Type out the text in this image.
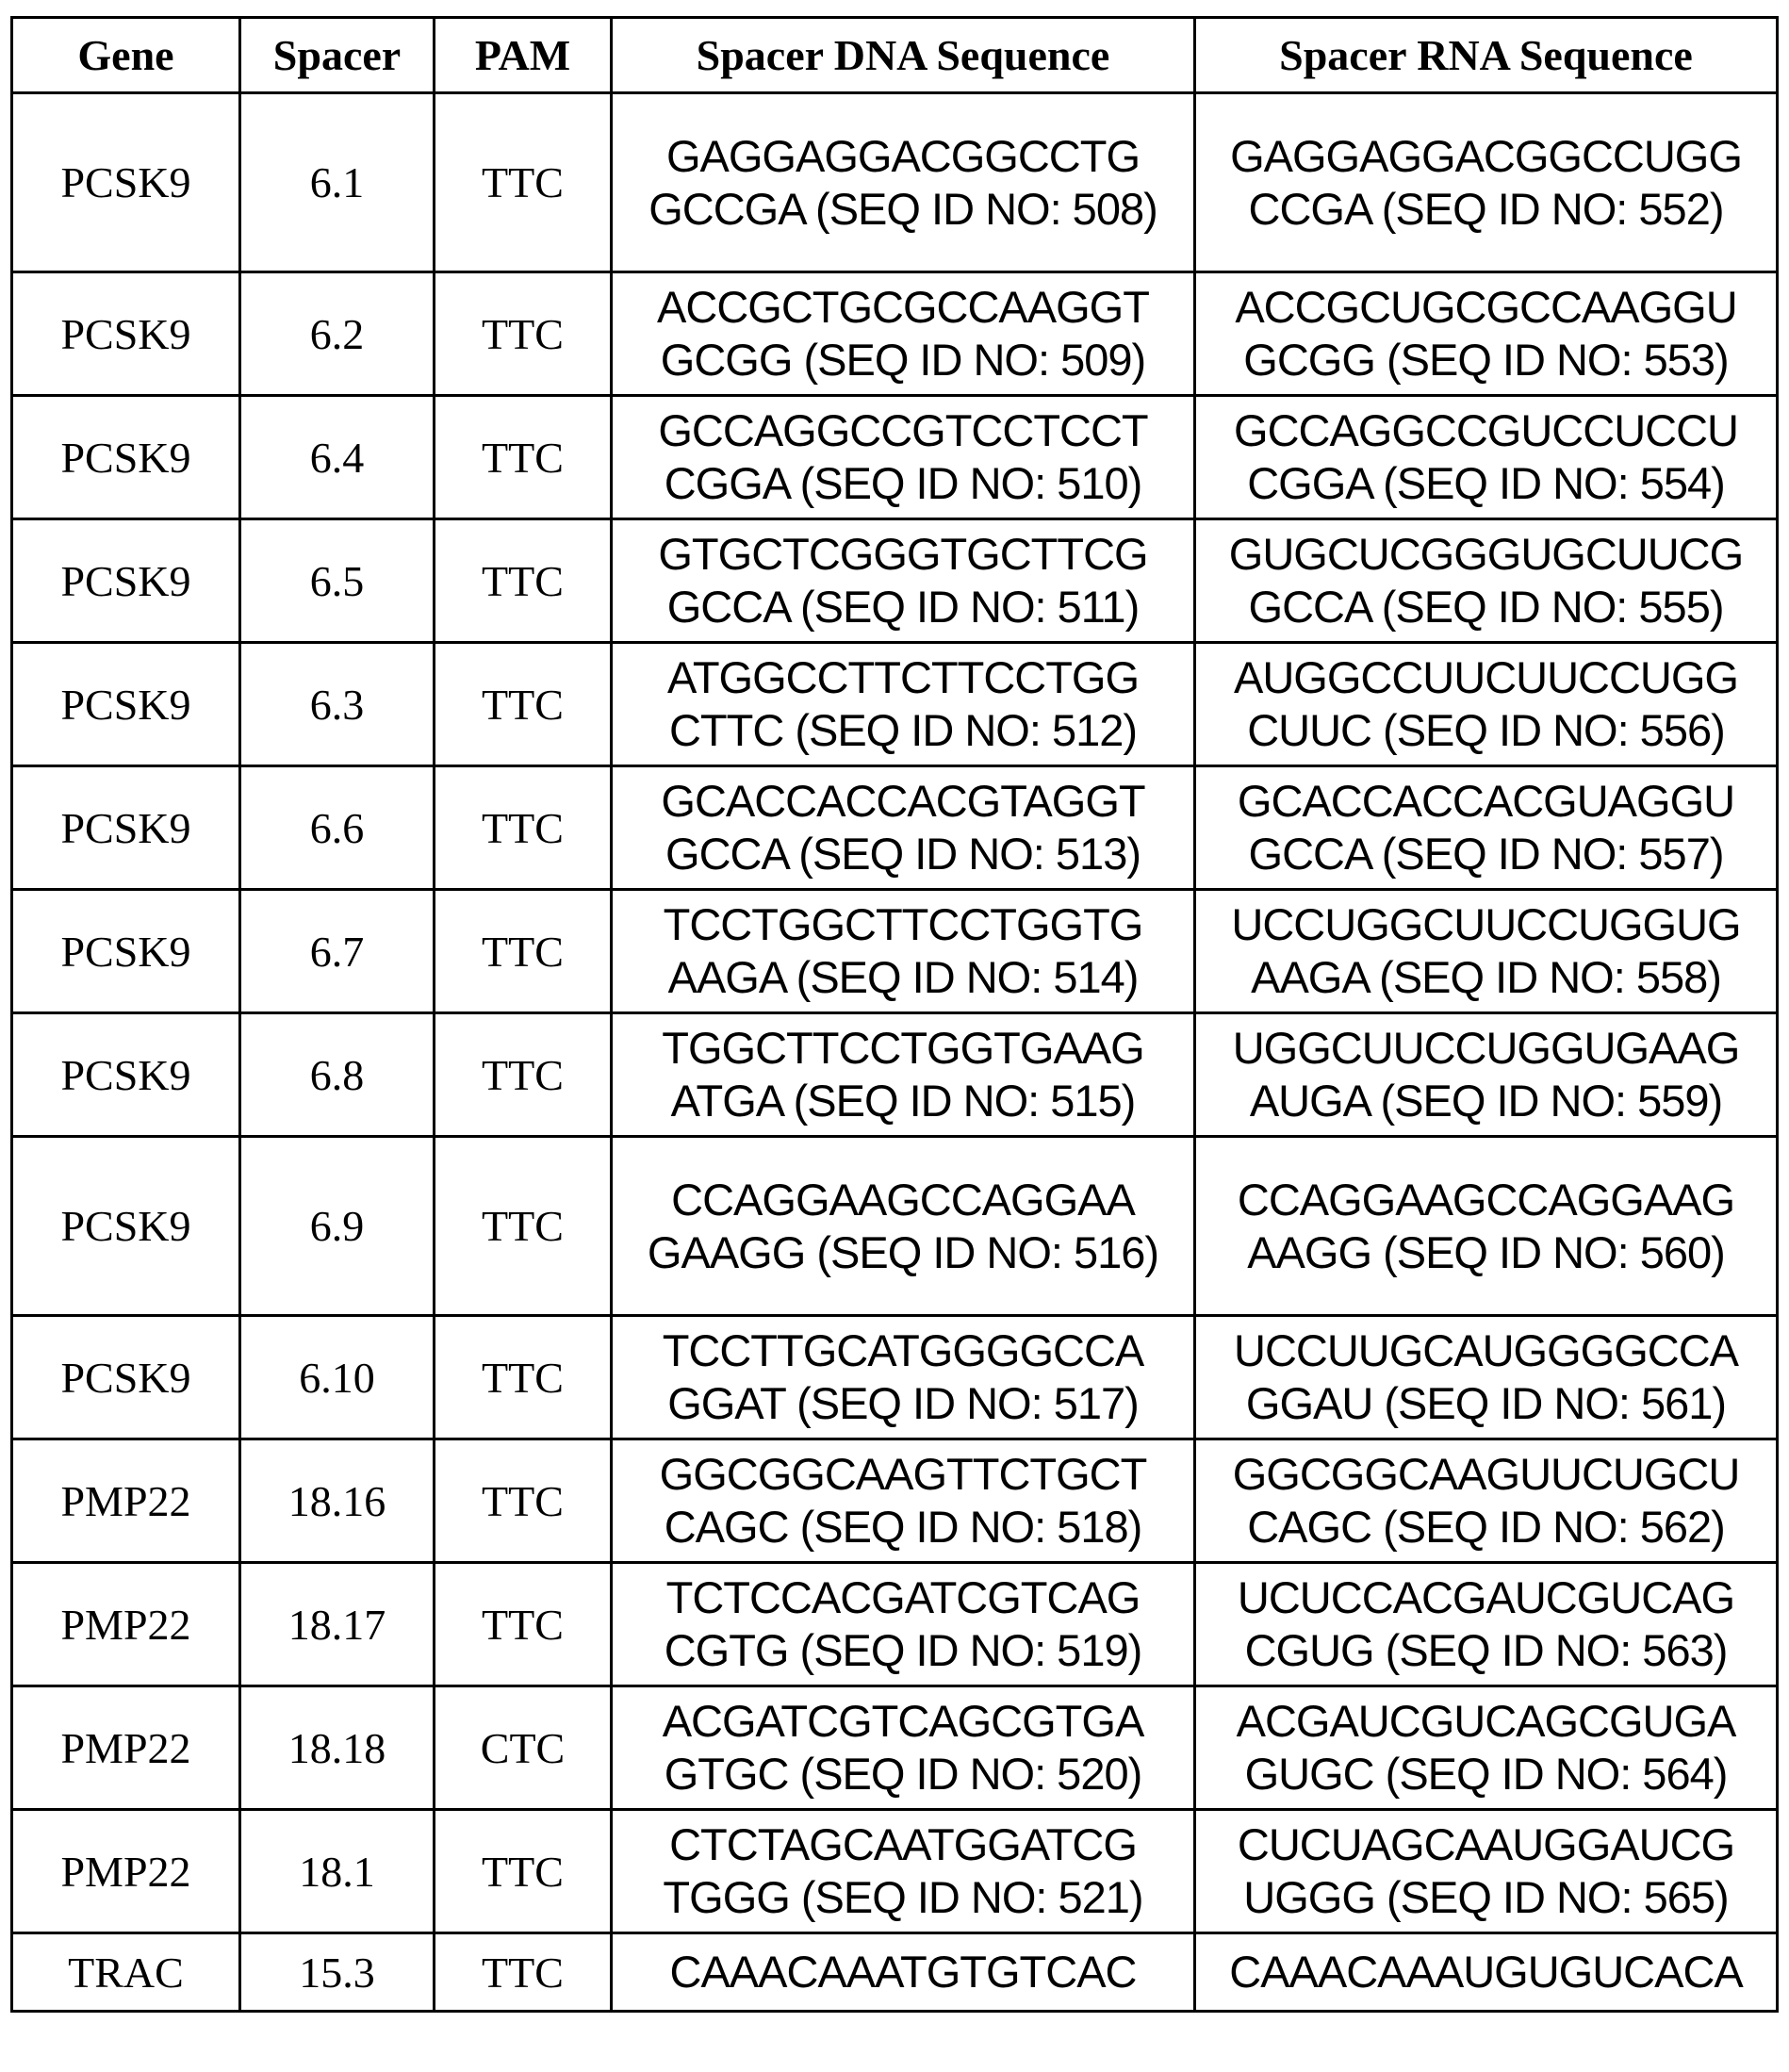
Gene	Spacer	PAM	Spacer DNA Sequence	Spacer RNA Sequence
PCSK9	6.1	TTC	GAGGAGGACGGCCTG GCCGA (SEQ ID NO: 508)	GAGGAGGACGGCCUGG CCGA (SEQ ID NO: 552)
PCSK9	6.2	TTC	ACCGCTGCGCCAAGGT GCGG (SEQ ID NO: 509)	ACCGCUGCGCCAAGGU GCGG (SEQ ID NO: 553)
PCSK9	6.4	TTC	GCCAGGCCGTCCTCCT CGGA (SEQ ID NO: 510)	GCCAGGCCGUCCUCCU CGGA (SEQ ID NO: 554)
PCSK9	6.5	TTC	GTGCTCGGGTGCTTCG GCCA (SEQ ID NO: 511)	GUGCUCGGGUGCUUCG GCCA (SEQ ID NO: 555)
PCSK9	6.3	TTC	ATGGCCTTCTTCCTGG CTTC (SEQ ID NO: 512)	AUGGCCUUCUUCCUGG CUUC (SEQ ID NO: 556)
PCSK9	6.6	TTC	GCACCACCACGTAGGT GCCA (SEQ ID NO: 513)	GCACCACCACGUAGGU GCCA (SEQ ID NO: 557)
PCSK9	6.7	TTC	TCCTGGCTTCCTGGTG AAGA (SEQ ID NO: 514)	UCCUGGCUUCCUGGUG AAGA (SEQ ID NO: 558)
PCSK9	6.8	TTC	TGGCTTCCTGGTGAAG ATGA (SEQ ID NO: 515)	UGGCUUCCUGGUGAAG AUGA (SEQ ID NO: 559)
PCSK9	6.9	TTC	CCAGGAAGCCAGGAA GAAGG (SEQ ID NO: 516)	CCAGGAAGCCAGGAAG AAGG (SEQ ID NO: 560)
PCSK9	6.10	TTC	TCCTTGCATGGGGCCA GGAT (SEQ ID NO: 517)	UCCUUGCAUGGGGCCA GGAU (SEQ ID NO: 561)
PMP22	18.16	TTC	GGCGGCAAGTTCTGCT CAGC (SEQ ID NO: 518)	GGCGGCAAGUUCUGCU CAGC (SEQ ID NO: 562)
PMP22	18.17	TTC	TCTCCACGATCGTCAG CGTG (SEQ ID NO: 519)	UCUCCACGAUCGUCAG CGUG (SEQ ID NO: 563)
PMP22	18.18	CTC	ACGATCGTCAGCGTGA GTGC (SEQ ID NO: 520)	ACGAUCGUCAGCGUGA GUGC (SEQ ID NO: 564)
PMP22	18.1	TTC	CTCTAGCAATGGATCG TGGG (SEQ ID NO: 521)	CUCUAGCAAUGGAUCG UGGG (SEQ ID NO: 565)
TRAC	15.3	TTC	CAAACAAATGTGTCAC	CAAACAAAUGUGUCACA
